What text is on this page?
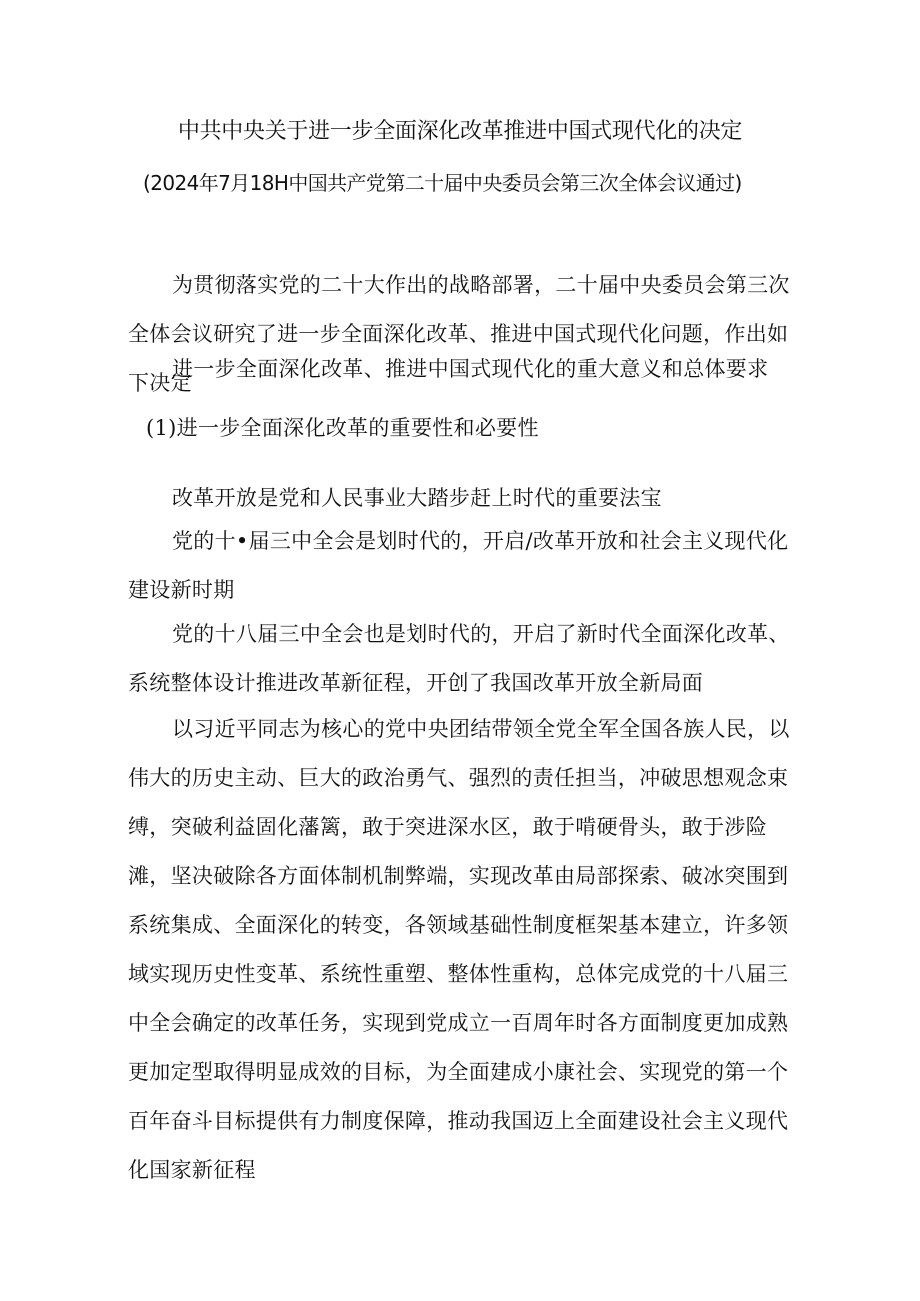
中共中央关于进一步全面深化改革推进中国式现代化的决定
(2024年7月18H中国共产党第二十届中央委员会第三次全体会议通过)

为贯彻落实党的二十大作出的战略部署，二十届中央委员会第三次全体会议研究了进一步全面深化改革、推进中国式现代化问题，作出如下决定

进一步全面深化改革、推进中国式现代化的重大意义和总体要求

(1)进一步全面深化改革的重要性和必要性

改革开放是党和人民事业大踏步赶上时代的重要法宝

党的十•届三中全会是划时代的，开启/改革开放和社会主义现代化建设新时期

党的十八届三中全会也是划时代的，开启了新时代全面深化改革、系统整体设计推进改革新征程，开创了我国改革开放全新局面

以习近平同志为核心的党中央团结带领全党全军全国各族人民，以伟大的历史主动、巨大的政治勇气、强烈的责任担当，冲破思想观念束缚，突破利益固化藩篱，敢于突进深水区，敢于啃硬骨头，敢于涉险滩，坚决破除各方面体制机制弊端，实现改革由局部探索、破冰突围到系统集成、全面深化的转变，各领域基础性制度框架基本建立，许多领域实现历史性变革、系统性重塑、整体性重构，总体完成党的十八届三中全会确定的改革任务，实现到党成立一百周年时各方面制度更加成熟更加定型取得明显成效的目标，为全面建成小康社会、实现党的第一个百年奋斗目标提供有力制度保障，推动我国迈上全面建设社会主义现代化国家新征程
